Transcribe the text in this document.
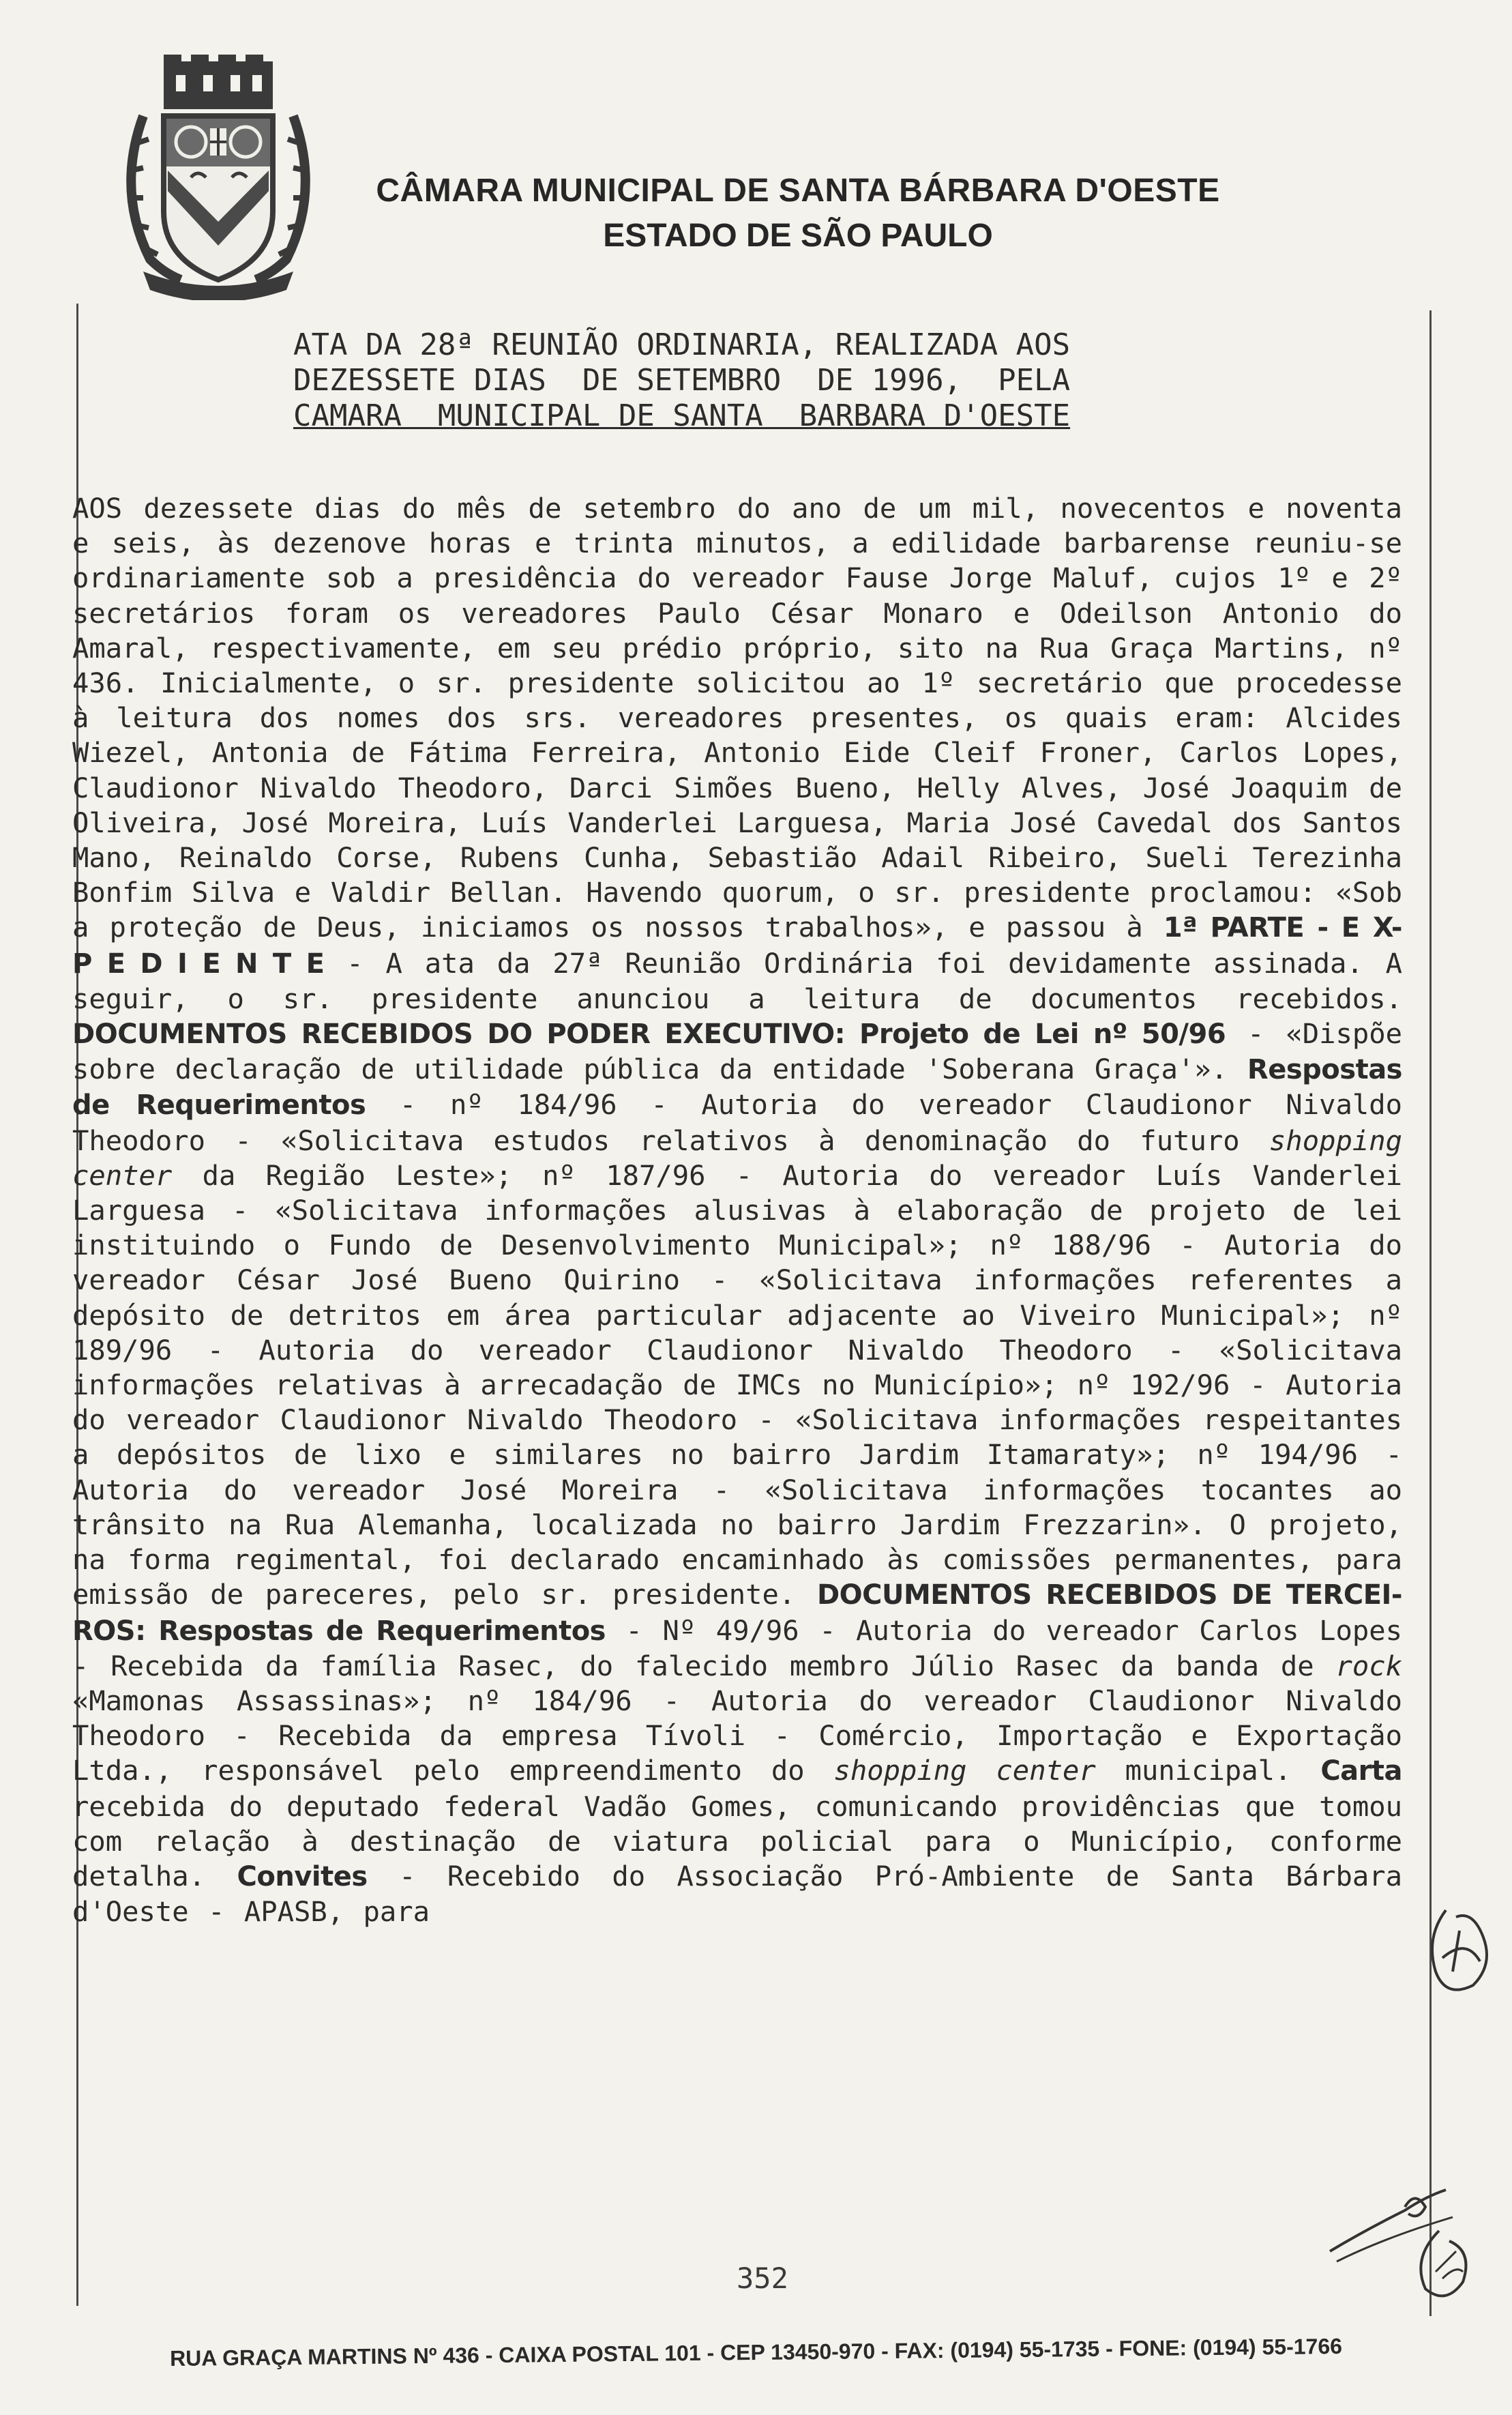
CÂMARA MUNICIPAL DE SANTA BÁRBARA D'OESTE
ESTADO DE SÃO PAULO
ATA DA 28ª REUNIÃO ORDINARIA, REALIZADA AOS
DEZESSETE DIAS  DE SETEMBRO  DE 1996,  PELA
CAMARA  MUNICIPAL DE SANTA  BARBARA D'OESTE

AOS dezessete dias do mês de setembro do ano de um mil, novecentos e noventa e seis, às dezenove horas e trinta minutos, a edilidade barbarense reuniu-se ordinariamente sob a presidência do vereador Fause Jorge Maluf, cujos 1º e 2º secretários foram os vereadores Paulo César Monaro e Odeilson Antonio do Amaral, respectivamente, em seu prédio próprio, sito na Rua Graça Martins, nº 436. Inicialmente, o sr. presidente solicitou ao 1º secretário que procedesse à leitura dos nomes dos srs. vereadores presentes, os quais eram: Alcides Wiezel, Antonia de Fátima Ferreira, Antonio Eide Cleif Froner, Carlos Lopes, Claudionor Nivaldo Theodoro, Darci Simões Bueno, Helly Alves, José Joaquim de Oliveira, José Moreira, Luís Vanderlei Larguesa, Maria José Cavedal dos Santos Mano, Reinaldo Corse, Rubens Cunha, Sebastião Adail Ribeiro, Sueli Terezinha Bonfim Silva e Valdir Bellan. Havendo quorum, o sr. presidente proclamou: «Sob a proteção de Deus, iniciamos os nossos trabalhos», e passou à 1ª PARTE - E X- P E D I E N T E - A ata da 27ª Reunião Ordinária foi devidamente assinada. A seguir, o sr. presidente anunciou a leitura de documentos recebidos. DOCUMENTOS RECEBIDOS DO PODER EXECUTIVO: Projeto de Lei nº 50/96 - «Dispõe sobre declaração de utilidade pública da entidade 'Soberana Graça'». Respostas de Requerimentos - nº 184/96 - Autoria do vereador Claudionor Nivaldo Theodoro - «Solicitava estudos relativos à denominação do futuro shopping center da Região Leste»; nº 187/96 - Autoria do vereador Luís Vanderlei Larguesa - «Solicitava informações alusivas à elaboração de projeto de lei instituindo o Fundo de Desenvolvimento Municipal»; nº 188/96 - Autoria do vereador César José Bueno Quirino - «Solicitava informações referentes a depósito de detritos em área particular adjacente ao Viveiro Municipal»; nº 189/96 - Autoria do vereador Claudionor Nivaldo Theodoro - «Solicitava informações relativas à arrecadação de IMCs no Município»; nº 192/96 - Autoria do vereador Claudionor Nivaldo Theodoro - «Solicitava informações respeitantes a depósitos de lixo e similares no bairro Jardim Itamaraty»; nº 194/96 - Autoria do vereador José Moreira - «Solicitava informações tocantes ao trânsito na Rua Alemanha, localizada no bairro Jardim Frezzarin». O projeto, na forma regimental, foi declarado encaminhado às comissões permanentes, para emissão de pareceres, pelo sr. presidente. DOCUMENTOS RECEBIDOS DE TERCEI- ROS: Respostas de Requerimentos - Nº 49/96 - Autoria do vereador Carlos Lopes - Recebida da família Rasec, do falecido membro Júlio Rasec da banda de rock «Mamonas Assassinas»; nº 184/96 - Autoria do vereador Claudionor Nivaldo Theodoro - Recebida da empresa Tívoli - Comércio, Importação e Exportação Ltda., responsável pelo empreendimento do shopping center municipal. Carta recebida do deputado federal Vadão Gomes, comunicando providências que tomou com relação à destinação de viatura policial para o Município, conforme detalha. Convites - Recebido do Associação Pró-Ambiente de Santa Bárbara d'Oeste - APASB, para

352
RUA GRAÇA MARTINS Nº 436 - CAIXA POSTAL 101 - CEP 13450-970 - FAX: (0194) 55-1735 - FONE: (0194) 55-1766
